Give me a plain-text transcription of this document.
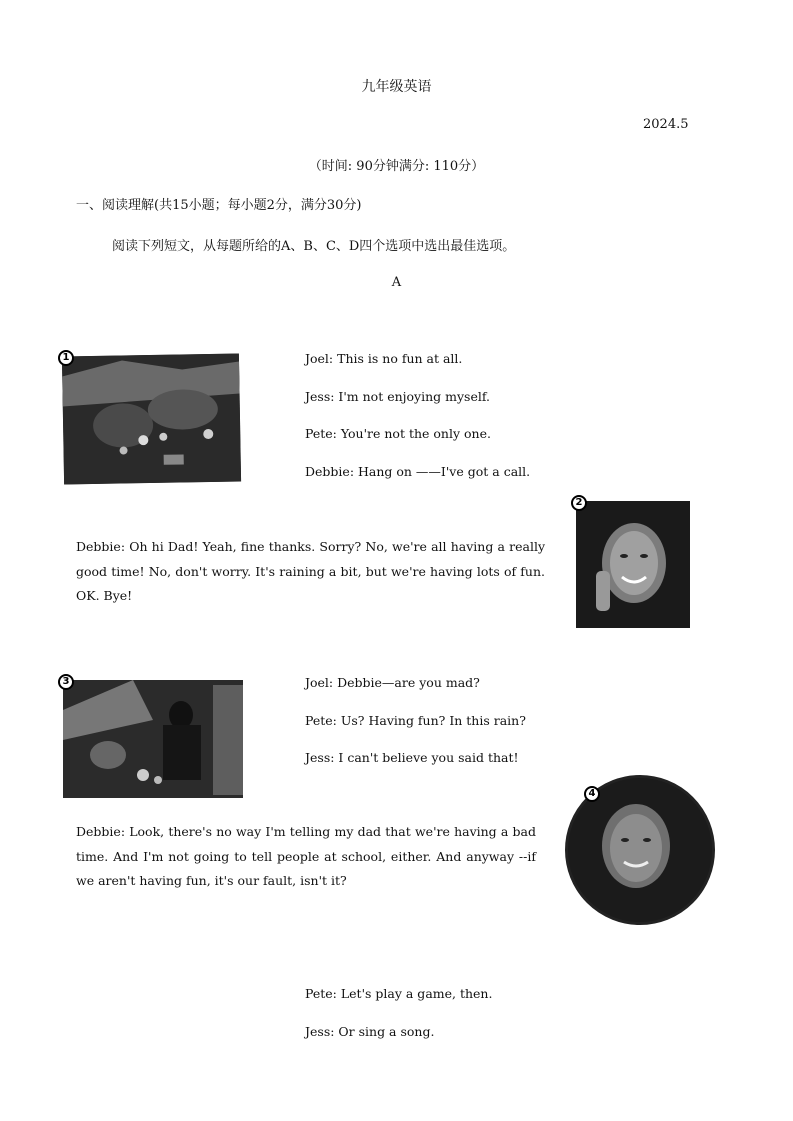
九年级英语
2024.5
（时间: 90分钟满分: 110分）
一、阅读理解(共15小题；每小题2分，满分30分)
阅读下列短文，从每题所给的A、B、C、D四个选项中选出最佳选项。
A
1	Joel: This is no fun at all.
Jess: I'm not enjoying myself.
Pete: You're not the only one.
Debbie: Hang on ——I've got a call.
2
Debbie: Oh hi Dad! Yeah, fine thanks. Sorry? No, we're all having a really good time! No, don't worry. It's raining a bit, but we're having lots of fun. OK. Bye!
3	Joel: Debbie—are you mad?
Pete: Us? Having fun? In this rain?
Jess: I can't believe you said that!
4
Debbie: Look, there's no way I'm telling my dad that we're having a bad time. And I'm not going to tell people at school, either. And anyway --if we aren't having fun, it's our fault, isn't it?
Pete: Let's play a game, then.
Jess: Or sing a song.
